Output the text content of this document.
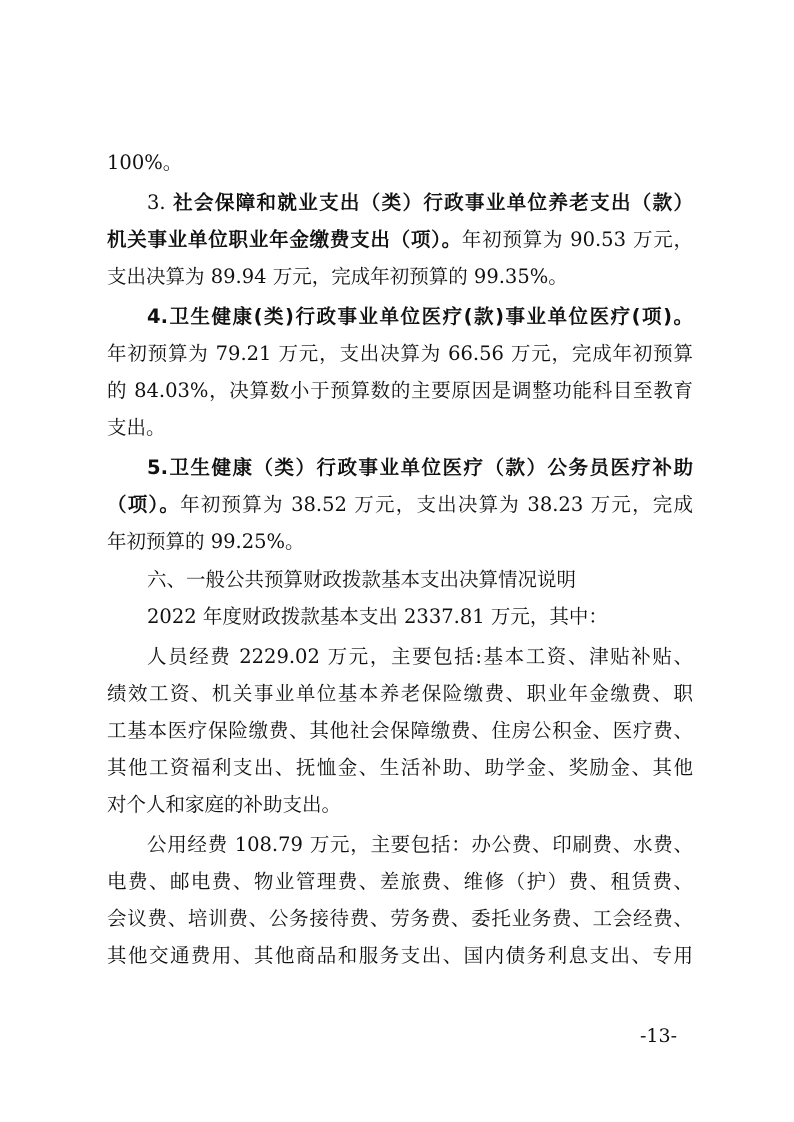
100%。
3. 社会保障和就业支出（类）行政事业单位养老支出（款）
机关事业单位职业年金缴费支出（项）。年初预算为 90.53 万元，
支出决算为 89.94 万元，完成年初预算的 99.35%。
4.卫生健康(类)行政事业单位医疗(款)事业单位医疗(项)。
年初预算为 79.21 万元，支出决算为 66.56 万元，完成年初预算
的 84.03%，决算数小于预算数的主要原因是调整功能科目至教育
支出。
5.卫生健康（类）行政事业单位医疗（款）公务员医疗补助
（项）。年初预算为 38.52 万元，支出决算为 38.23 万元，完成
年初预算的 99.25%。
六、一般公共预算财政拨款基本支出决算情况说明
2022 年度财政拨款基本支出 2337.81 万元，其中：
人员经费 2229.02 万元，主要包括:基本工资、津贴补贴、
绩效工资、机关事业单位基本养老保险缴费、职业年金缴费、职
工基本医疗保险缴费、其他社会保障缴费、住房公积金、医疗费、
其他工资福利支出、抚恤金、生活补助、助学金、奖励金、其他
对个人和家庭的补助支出。
公用经费 108.79 万元，主要包括：办公费、印刷费、水费、
电费、邮电费、物业管理费、差旅费、维修（护）费、租赁费、
会议费、培训费、公务接待费、劳务费、委托业务费、工会经费、
其他交通费用、其他商品和服务支出、国内债务利息支出、专用
-13-
